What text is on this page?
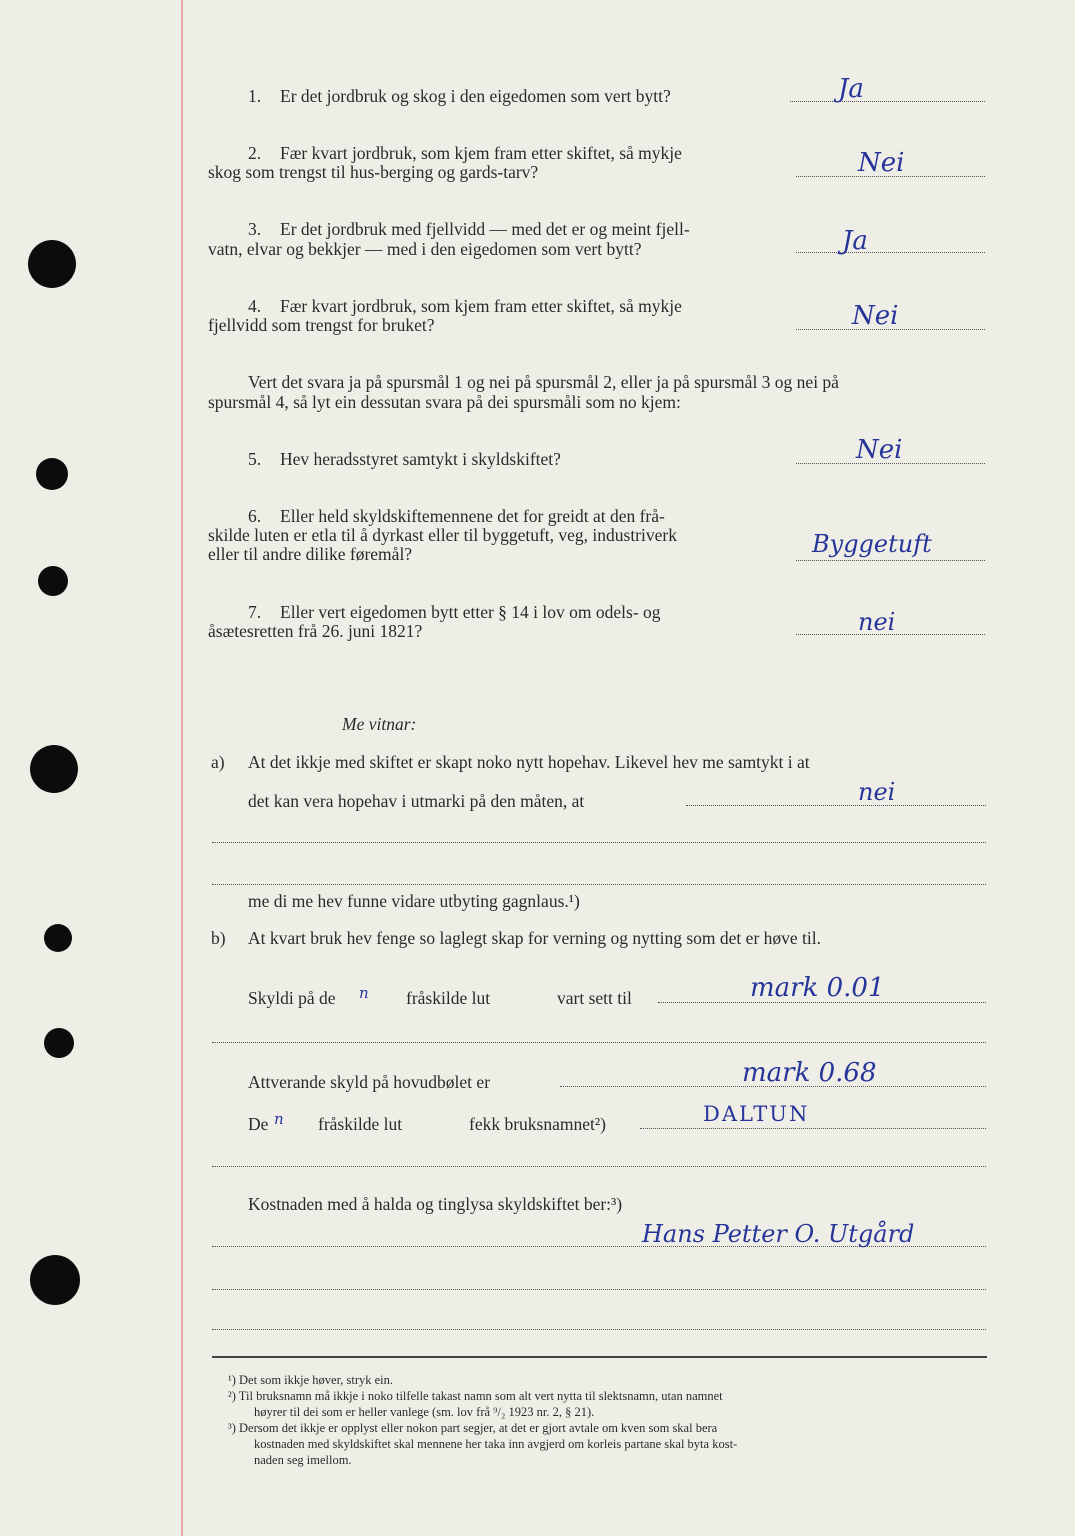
1. Er det jordbruk og skog i den eigedomen som vert bytt?	Ja
2. Fær kvart jordbruk, som kjem fram etter skiftet, så mykje
skog som trengst til hus-berging og gards-tarv?	Nei
3. Er det jordbruk med fjellvidd — med det er og meint fjell-
vatn, elvar og bekkjer — med i den eigedomen som vert bytt?	Ja
4. Fær kvart jordbruk, som kjem fram etter skiftet, så mykje
fjellvidd som trengst for bruket?	Nei
Vert det svara ja på spursmål 1 og nei på spursmål 2, eller ja på spursmål 3 og nei på
spursmål 4, så lyt ein dessutan svara på dei spursmåli som no kjem:
5. Hev heradsstyret samtykt i skyldskiftet?	Nei
6. Eller held skyldskiftemennene det for greidt at den frå-
skilde luten er etla til å dyrkast eller til byggetuft, veg, industriverk
eller til andre dilike føremål?	Byggetuft
7. Eller vert eigedomen bytt etter § 14 i lov om odels- og
åsætesretten frå 26. juni 1821?	nei
Me vitnar:
a) At det ikkje med skiftet er skapt noko nytt hopehav. Likevel hev me samtykt i at
det kan vera hopehav i utmarki på den måten, at	nei
me di me hev funne vidare utbyting gagnlaus.¹)
b) At kvart bruk hev fenge so laglegt skap for verning og nytting som det er høve til.
Skyldi på de n fråskilde lut	vart sett til	mark 0.01
Attverande skyld på hovudbølet er	mark 0.68
De n fråskilde lut	fekk bruksnamnet²)	DALTUN
Kostnaden med å halda og tinglysa skyldskiftet ber:³)
Hans Petter O. Utgård
¹) Det som ikkje høver, stryk ein.
²) Til bruksnamn må ikkje i noko tilfelle takast namn som alt vert nytta til slektsnamn, utan namnet
høyrer til dei som er heller vanlege (sm. lov frå ⁹/₂ 1923 nr. 2, § 21).
³) Dersom det ikkje er opplyst eller nokon part segjer, at det er gjort avtale om kven som skal bera
kostnaden med skyldskiftet skal mennene her taka inn avgjerd om korleis partane skal byta kost-
naden seg imellom.
